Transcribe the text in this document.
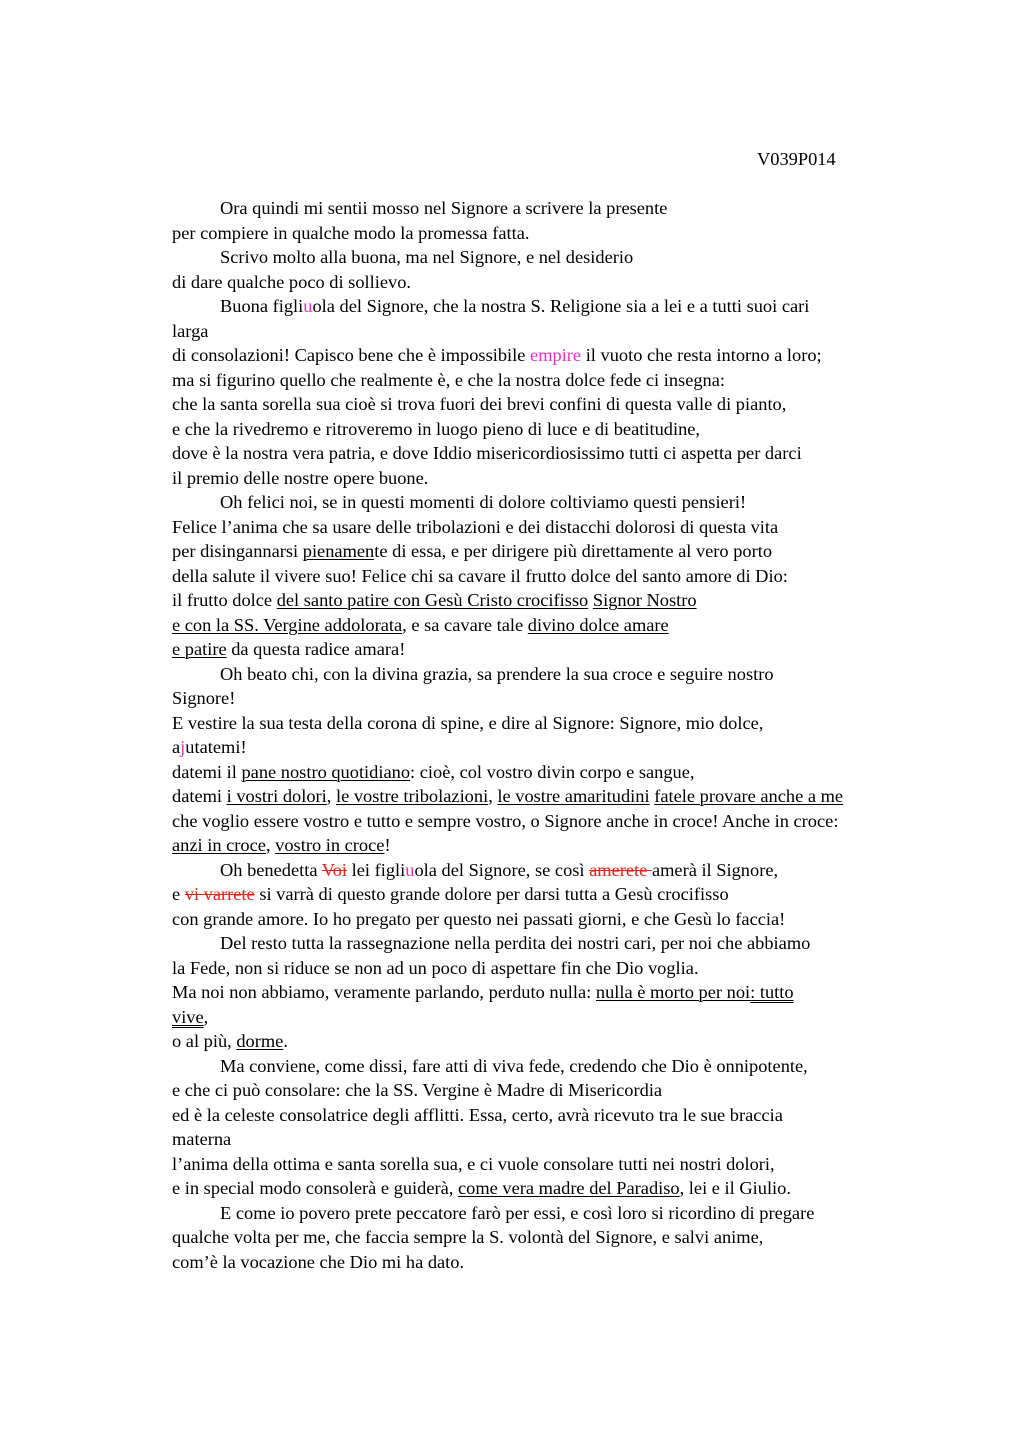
V039P014
Ora quindi mi sentii mosso nel Signore a scrivere la presente
per compiere in qualche modo la promessa fatta.
Scrivo molto alla buona, ma nel Signore, e nel desiderio
di dare qualche poco di sollievo.
Buona figliuola del Signore, che la nostra S. Religione sia a lei e a tutti suoi cari
larga
di consolazioni! Capisco bene che è impossibile empire il vuoto che resta intorno a loro;
ma si figurino quello che realmente è, e che la nostra dolce fede ci insegna:
che la santa sorella sua cioè si trova fuori dei brevi confini di questa valle di pianto,
e che la rivedremo e ritroveremo in luogo pieno di luce e di beatitudine,
dove è la nostra vera patria, e dove Iddio misericordiosissimo tutti ci aspetta per darci
il premio delle nostre opere buone.
Oh felici noi, se in questi momenti di dolore coltiviamo questi pensieri!
Felice l’anima che sa usare delle tribolazioni e dei distacchi dolorosi di questa vita
per disingannarsi pienamente di essa, e per dirigere più direttamente al vero porto
della salute il vivere suo! Felice chi sa cavare il frutto dolce del santo amore di Dio:
il frutto dolce del santo patire con Gesù Cristo crocifisso Signor Nostro
e con la SS. Vergine addolorata, e sa cavare tale divino dolce amare
e patire da questa radice amara!
Oh beato chi, con la divina grazia, sa prendere la sua croce e seguire nostro
Signore!
E vestire la sua testa della corona di spine, e dire al Signore: Signore, mio dolce,
ajutatemi!
datemi il pane nostro quotidiano: cioè, col vostro divin corpo e sangue,
datemi i vostri dolori, le vostre tribolazioni, le vostre amaritudini fatele provare anche a me
che voglio essere vostro e tutto e sempre vostro, o Signore anche in croce! Anche in croce:
anzi in croce, vostro in croce!
Oh benedetta Voi lei figliuola del Signore, se così amerete amerà il Signore,
e vi varrete si varrà di questo grande dolore per darsi tutta a Gesù crocifisso
con grande amore. Io ho pregato per questo nei passati giorni, e che Gesù lo faccia!
Del resto tutta la rassegnazione nella perdita dei nostri cari, per noi che abbiamo
la Fede, non si riduce se non ad un poco di aspettare fin che Dio voglia.
Ma noi non abbiamo, veramente parlando, perduto nulla: nulla è morto per noi: tutto
vive,
o al più, dorme.
Ma conviene, come dissi, fare atti di viva fede, credendo che Dio è onnipotente,
e che ci può consolare: che la SS. Vergine è Madre di Misericordia
ed è la celeste consolatrice degli afflitti. Essa, certo, avrà ricevuto tra le sue braccia
materna
l’anima della ottima e santa sorella sua, e ci vuole consolare tutti nei nostri dolori,
e in special modo consolerà e guiderà, come vera madre del Paradiso, lei e il Giulio.
E come io povero prete peccatore farò per essi, e così loro si ricordino di pregare
qualche volta per me, che faccia sempre la S. volontà del Signore, e salvi anime,
com’è la vocazione che Dio mi ha dato.
